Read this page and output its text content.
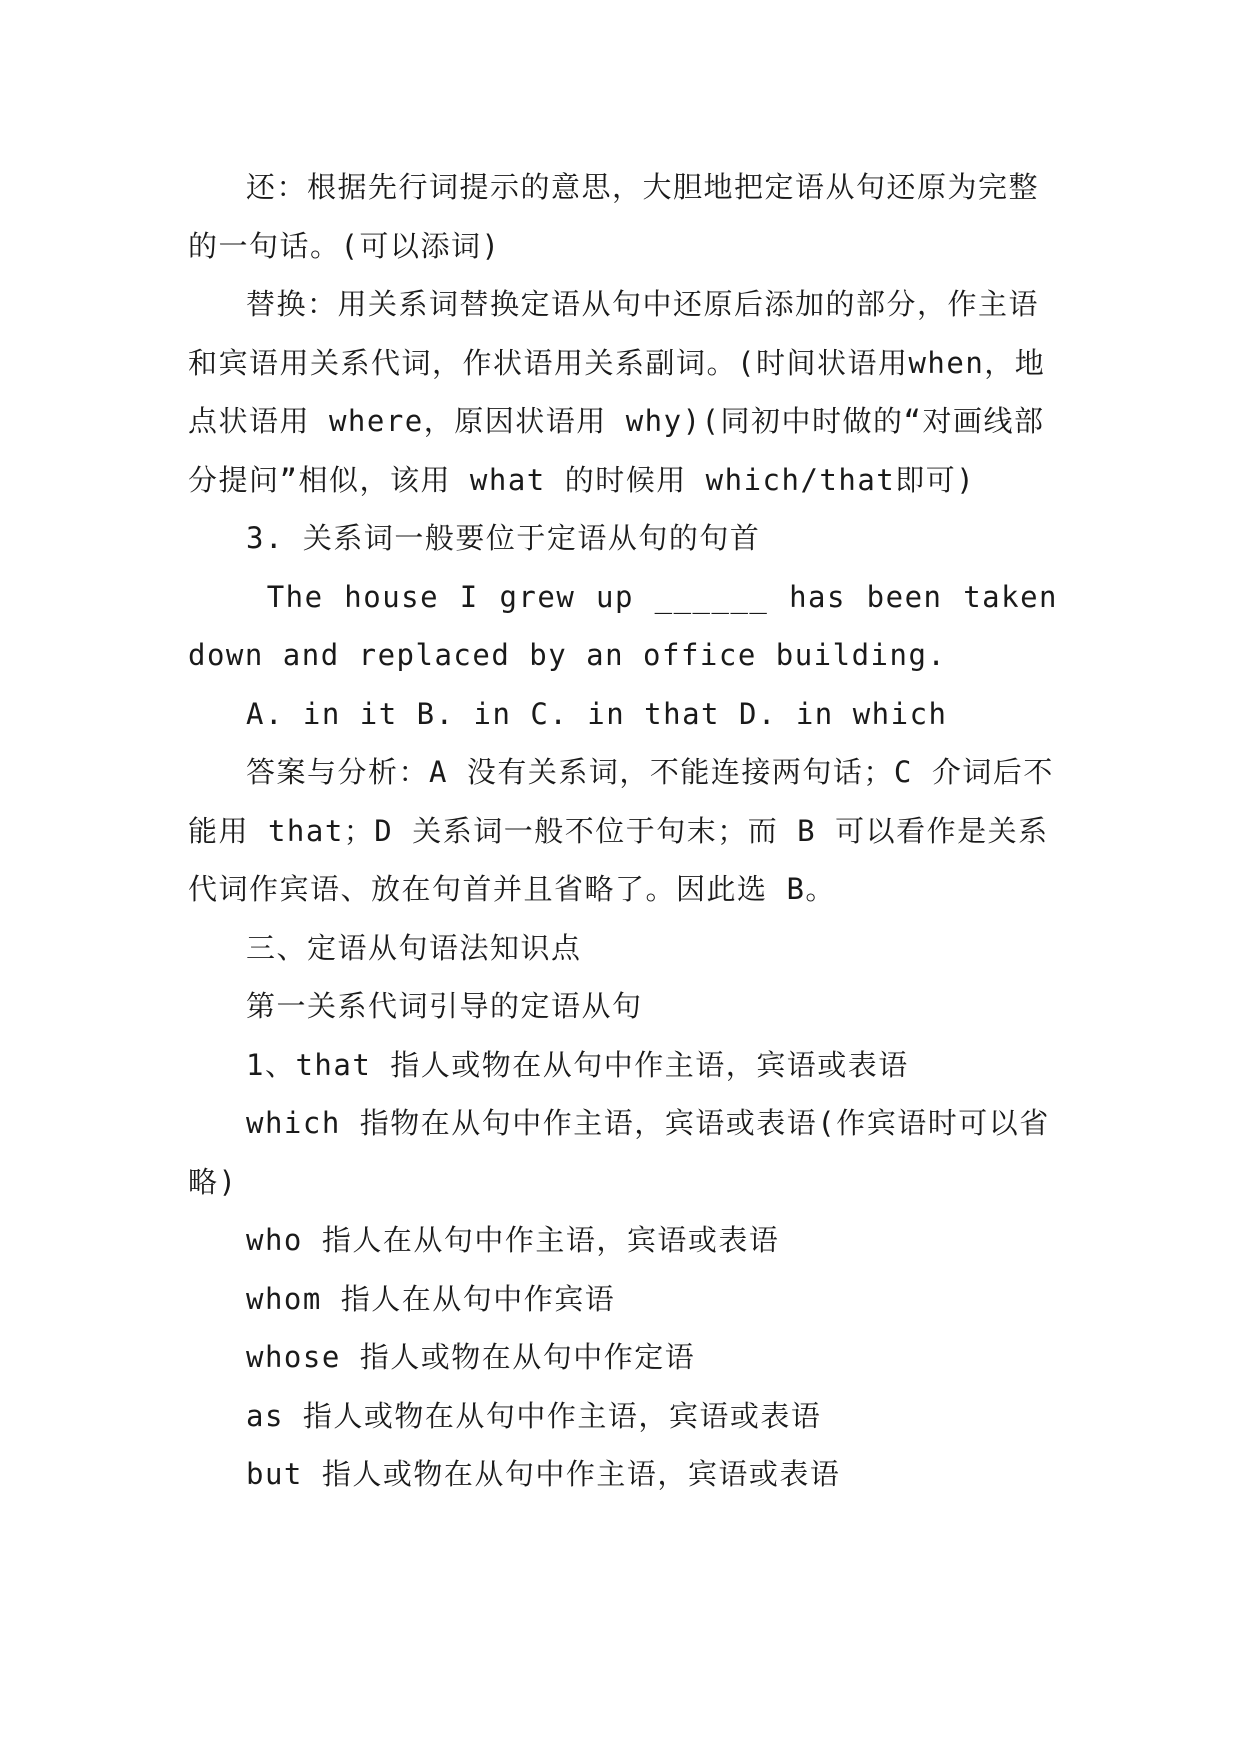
还：根据先行词提示的意思，大胆地把定语从句还原为完整的一句话。(可以添词)

替换：用关系词替换定语从句中还原后添加的部分，作主语和宾语用关系代词，作状语用关系副词。(时间状语用when，地点状语用 where，原因状语用 why)(同初中时做的“对画线部分提问”相似，该用 what 的时候用 which/that即可)

3. 关系词一般要位于定语从句的句首

The house I grew up ______ has been taken down and replaced by an office building.

A. in it B. in C. in that D. in which

答案与分析：A 没有关系词，不能连接两句话；C 介词后不能用 that；D 关系词一般不位于句末；而 B 可以看作是关系代词作宾语、放在句首并且省略了。因此选 B。

三、定语从句语法知识点

第一关系代词引导的定语从句

1、that 指人或物在从句中作主语，宾语或表语

which 指物在从句中作主语，宾语或表语(作宾语时可以省略)

who 指人在从句中作主语，宾语或表语

whom 指人在从句中作宾语

whose 指人或物在从句中作定语

as 指人或物在从句中作主语，宾语或表语

but 指人或物在从句中作主语，宾语或表语
